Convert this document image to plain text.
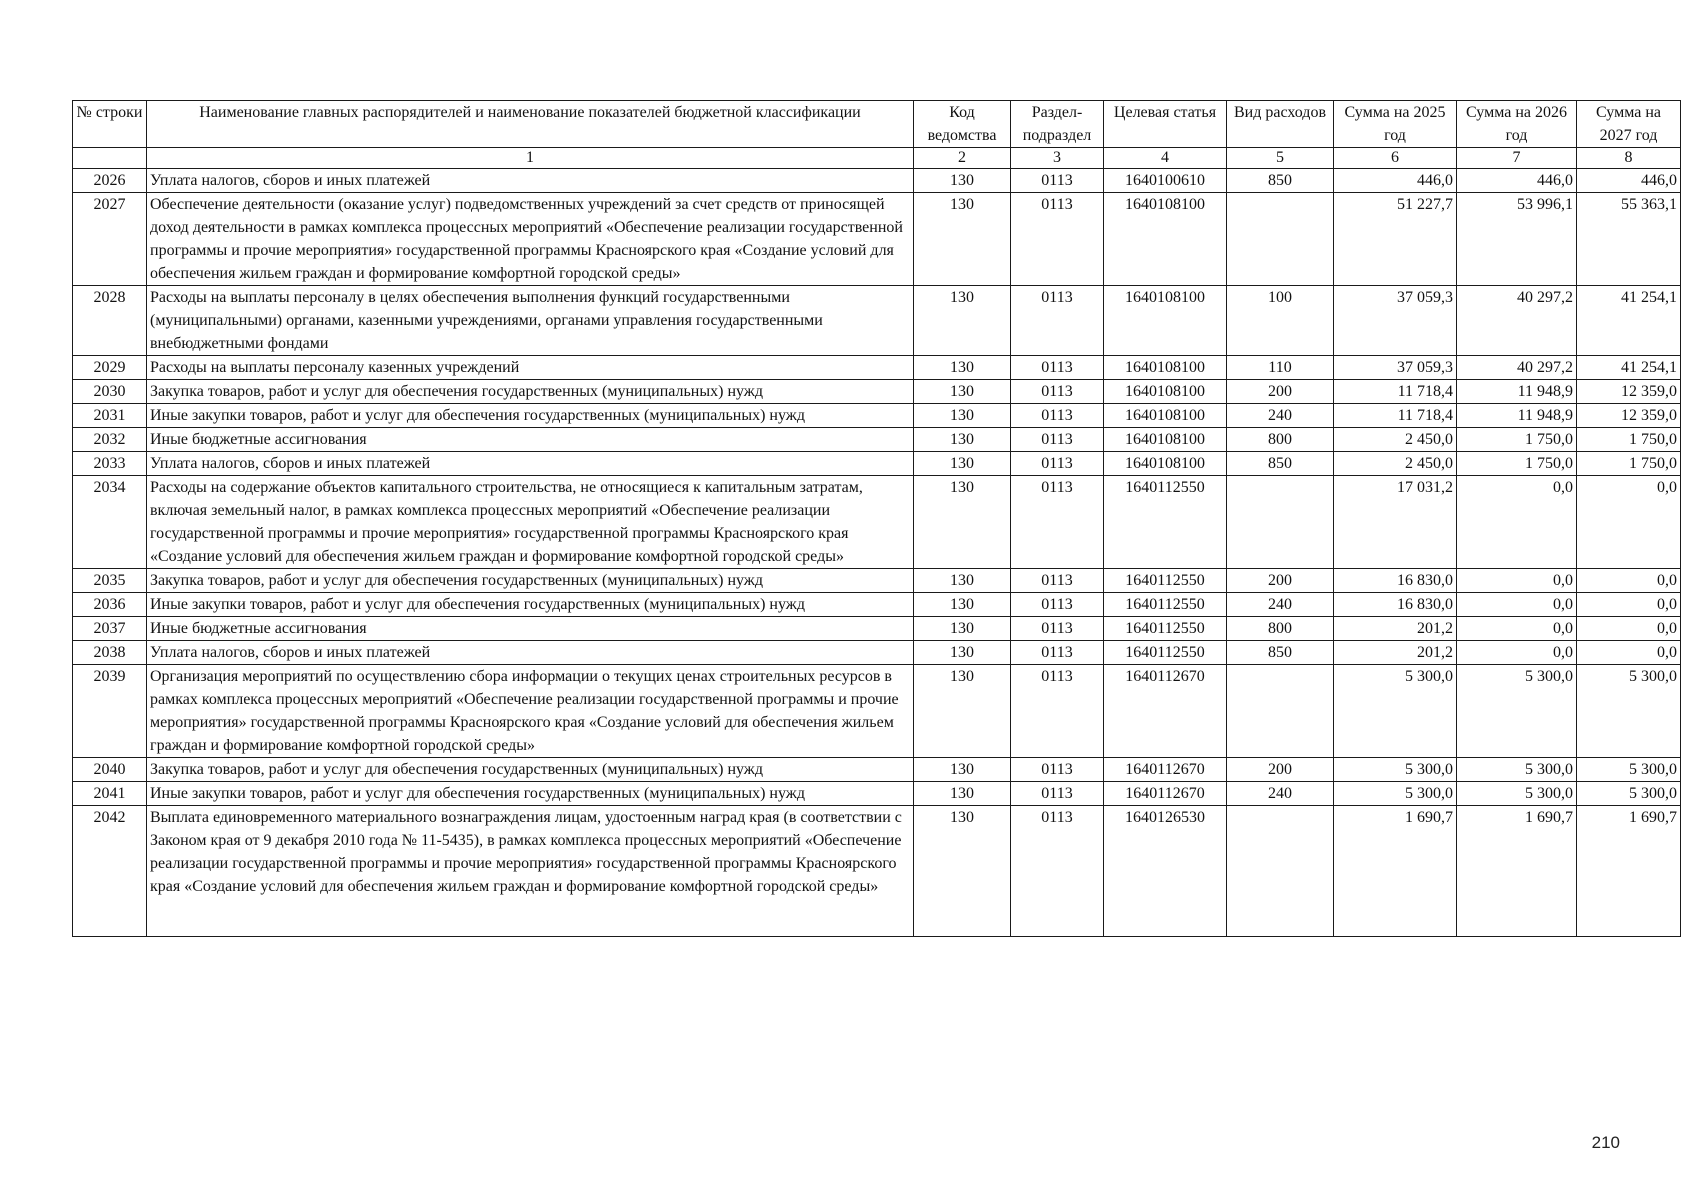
№ строки	Наименование главных распорядителей и наименование показателей бюджетной классификации	Код ведомства	Раздел-подраздел	Целевая статья	Вид расходов	Сумма на 2025 год	Сумма на 2026 год	Сумма на 2027 год
	1	2	3	4	5	6	7	8
2026	Уплата налогов, сборов и иных платежей	130	0113	1640100610	850	446,0	446,0	446,0
2027	Обеспечение деятельности (оказание услуг) подведомственных учреждений за счет средств от приносящей доход деятельности в рамках комплекса процессных мероприятий «Обеспечение реализации государственной программы и прочие мероприятия» государственной программы Красноярского края «Создание условий для обеспечения жильем граждан и формирование комфортной городской среды»	130	0113	1640108100		51 227,7	53 996,1	55 363,1
2028	Расходы на выплаты персоналу в целях обеспечения выполнения функций государственными (муниципальными) органами, казенными учреждениями, органами управления государственными внебюджетными фондами	130	0113	1640108100	100	37 059,3	40 297,2	41 254,1
2029	Расходы на выплаты персоналу казенных учреждений	130	0113	1640108100	110	37 059,3	40 297,2	41 254,1
2030	Закупка товаров, работ и услуг для обеспечения государственных (муниципальных) нужд	130	0113	1640108100	200	11 718,4	11 948,9	12 359,0
2031	Иные закупки товаров, работ и услуг для обеспечения государственных (муниципальных) нужд	130	0113	1640108100	240	11 718,4	11 948,9	12 359,0
2032	Иные бюджетные ассигнования	130	0113	1640108100	800	2 450,0	1 750,0	1 750,0
2033	Уплата налогов, сборов и иных платежей	130	0113	1640108100	850	2 450,0	1 750,0	1 750,0
2034	Расходы на содержание объектов капитального строительства, не относящиеся к капитальным затратам, включая земельный налог, в рамках комплекса процессных мероприятий «Обеспечение реализации государственной программы и прочие мероприятия» государственной программы Красноярского края «Создание условий для обеспечения жильем граждан и формирование комфортной городской среды»	130	0113	1640112550		17 031,2	0,0	0,0
2035	Закупка товаров, работ и услуг для обеспечения государственных (муниципальных) нужд	130	0113	1640112550	200	16 830,0	0,0	0,0
2036	Иные закупки товаров, работ и услуг для обеспечения государственных (муниципальных) нужд	130	0113	1640112550	240	16 830,0	0,0	0,0
2037	Иные бюджетные ассигнования	130	0113	1640112550	800	201,2	0,0	0,0
2038	Уплата налогов, сборов и иных платежей	130	0113	1640112550	850	201,2	0,0	0,0
2039	Организация мероприятий по осуществлению сбора информации о текущих ценах строительных ресурсов в рамках комплекса процессных мероприятий «Обеспечение реализации государственной программы и прочие мероприятия» государственной программы Красноярского края «Создание условий для обеспечения жильем граждан и формирование комфортной городской среды»	130	0113	1640112670		5 300,0	5 300,0	5 300,0
2040	Закупка товаров, работ и услуг для обеспечения государственных (муниципальных) нужд	130	0113	1640112670	200	5 300,0	5 300,0	5 300,0
2041	Иные закупки товаров, работ и услуг для обеспечения государственных (муниципальных) нужд	130	0113	1640112670	240	5 300,0	5 300,0	5 300,0
2042	Выплата единовременного материального вознаграждения лицам, удостоенным наград края (в соответствии с Законом края от 9 декабря 2010 года № 11-5435), в рамках комплекса процессных мероприятий «Обеспечение реализации государственной программы и прочие мероприятия» государственной программы Красноярского края «Создание условий для обеспечения жильем граждан и формирование комфортной городской среды»	130	0113	1640126530		1 690,7	1 690,7	1 690,7
210
